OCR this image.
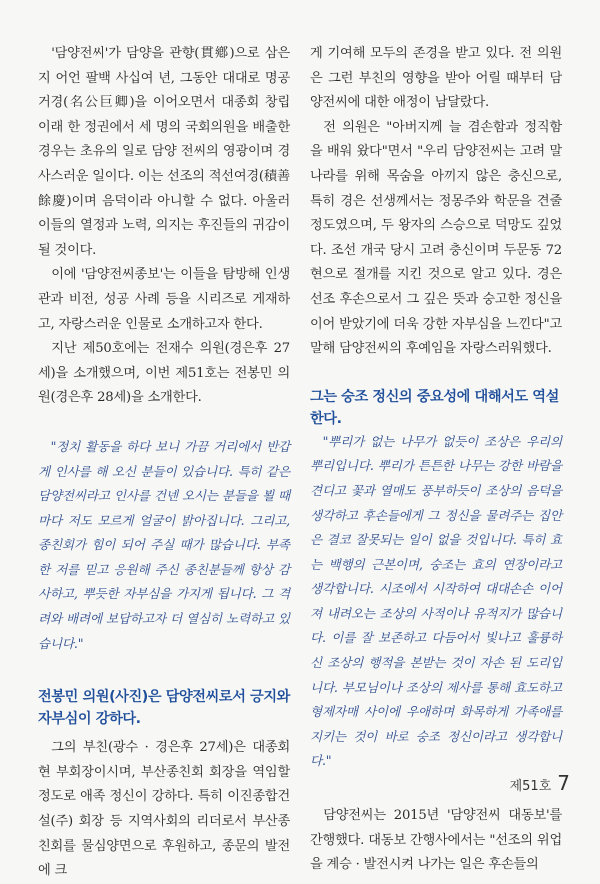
'담양전씨'가 담양을 관향(貫鄕)으로 삼은 지 어언 팔백 사십여 년, 그동안 대대로 명공거경(名公巨卿)을 이어오면서 대종회 창립 이래 한 정권에서 세 명의 국회의원을 배출한 경우는 초유의 일로 담양 전씨의 영광이며 경사스러운 일이다. 이는 선조의 적선여경(積善餘慶)이며 음덕이라 아니할 수 없다. 아울러 이들의 열정과 노력, 의지는 후진들의 귀감이 될 것이다.

이에 '담양전씨종보'는 이들을 탐방해 인생관과 비전, 성공 사례 등을 시리즈로 게재하고, 자랑스러운 인물로 소개하고자 한다.

지난 제50호에는 전재수 의원(경은후 27세)을 소개했으며, 이번 제51호는 전봉민 의원(경은후 28세)을 소개한다.

"정치 활동을 하다 보니 가끔 거리에서 반갑게 인사를 해 오신 분들이 있습니다. 특히 같은 담양전씨라고 인사를 건넨 오시는 분들을 뵐 때마다 저도 모르게 얼굴이 밝아집니다. 그리고, 종친회가 힘이 되어 주실 때가 많습니다. 부족한 저를 믿고 응원해 주신 종친분들께 항상 감사하고, 뿌듯한 자부심을 가지게 됩니다. 그 격려와 배려에 보답하고자 더 열심히 노력하고 있습니다."

전봉민 의원(사진)은 담양전씨로서 긍지와 자부심이 강하다.

그의 부친(광수 · 경은후 27세)은 대종회 현 부회장이시며, 부산종친회 회장을 역임할 정도로 애족 정신이 강하다. 특히 이진종합건설(주) 회장 등 지역사회의 리더로서 부산종친회를 물심양면으로 후원하고, 종문의 발전에 크

게 기여해 모두의 존경을 받고 있다. 전 의원은 그런 부친의 영향을 받아 어릴 때부터 담양전씨에 대한 애정이 남달랐다.

전 의원은 "아버지께 늘 겸손함과 정직함을 배워 왔다"면서 "우리 담양전씨는 고려 말 나라를 위해 목숨을 아끼지 않은 충신으로, 특히 경은 선생께서는 정몽주와 학문을 견줄 정도였으며, 두 왕자의 스승으로 덕망도 깊었다. 조선 개국 당시 고려 충신이며 두문동 72현으로 절개를 지킨 것으로 알고 있다. 경은 선조 후손으로서 그 깊은 뜻과 숭고한 정신을 이어 받았기에 더욱 강한 자부심을 느낀다"고 말해 담양전씨의 후예임을 자랑스러워했다.

그는 숭조 정신의 중요성에 대해서도 역설한다.

"뿌리가 없는 나무가 없듯이 조상은 우리의 뿌리입니다. 뿌리가 튼튼한 나무는 강한 바람을 견디고 꽃과 열매도 풍부하듯이 조상의 음덕을 생각하고 후손들에게 그 정신을 물려주는 집안은 결코 잘못되는 일이 없을 것입니다. 특히 효는 백행의 근본이며, 숭조는 효의 연장이라고 생각합니다. 시조에서 시작하여 대대손손 이어져 내려오는 조상의 사적이나 유적지가 많습니다. 이를 잘 보존하고 다듬어서 빛나고 훌륭하신 조상의 행적을 본받는 것이 자손 된 도리입니다. 부모님이나 조상의 제사를 통해 효도하고 형제자매 사이에 우애하며 화목하게 가족애를 지키는 것이 바로 숭조 정신이라고 생각합니다."

담양전씨는 2015년 '담양전씨 대동보'를 간행했다. 대동보 간행사에서는 "선조의 위업을 계승 · 발전시켜 나가는 일은 후손들의

제51호 7
